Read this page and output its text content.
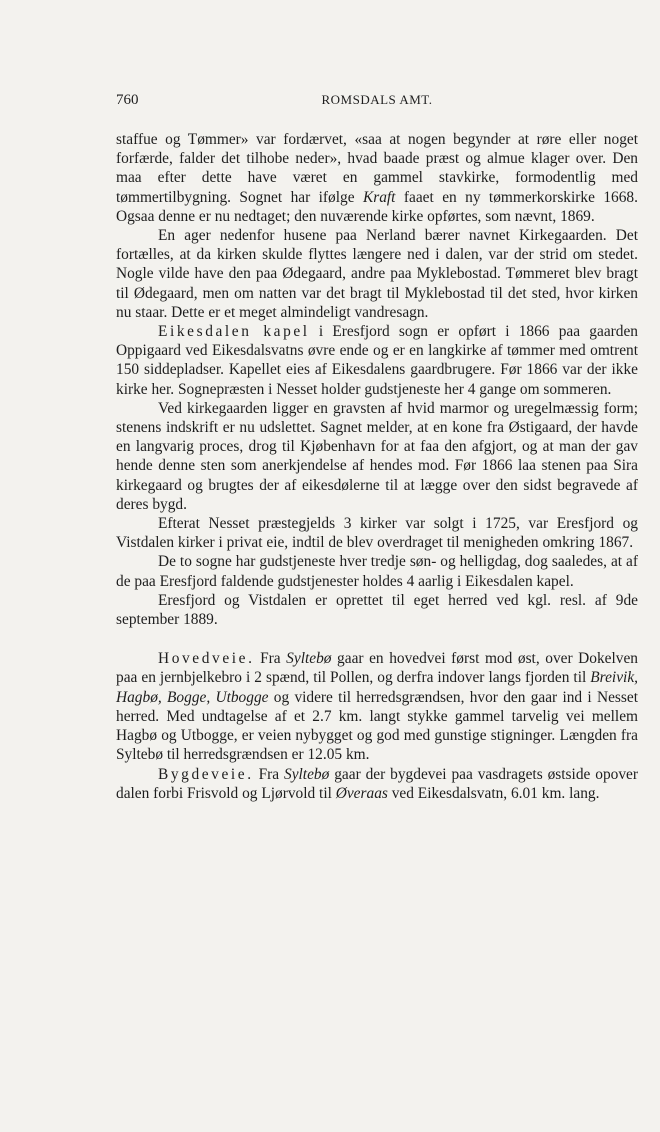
760	ROMSDALS AMT.

staffue og Tømmer» var fordærvet, «saa at nogen begynder at røre eller noget forfærde, falder det tilhobe neder», hvad baade præst og almue klager over. Den maa efter dette have været en gammel stavkirke, formodentlig med tømmertilbygning. Sognet har ifølge Kraft faaet en ny tømmerkorskirke 1668. Ogsaa denne er nu nedtaget; den nuværende kirke opførtes, som nævnt, 1869.

En ager nedenfor husene paa Nerland bærer navnet Kirkegaarden. Det fortælles, at da kirken skulde flyttes længere ned i dalen, var der strid om stedet. Nogle vilde have den paa Ødegaard, andre paa Myklebostad. Tømmeret blev bragt til Ødegaard, men om natten var det bragt til Myklebostad til det sted, hvor kirken nu staar. Dette er et meget almindeligt vandresagn.

Eikesdalen kapel i Eresfjord sogn er opført i 1866 paa gaarden Oppigaard ved Eikesdalsvatns øvre ende og er en langkirke af tømmer med omtrent 150 siddepladser. Kapellet eies af Eikesdalens gaardbrugere. Før 1866 var der ikke kirke her. Sognepræsten i Nesset holder gudstjeneste her 4 gange om sommeren.

Ved kirkegaarden ligger en gravsten af hvid marmor og uregelmæssig form; stenens indskrift er nu udslettet. Sagnet melder, at en kone fra Østigaard, der havde en langvarig proces, drog til Kjøbenhavn for at faa den afgjort, og at man der gav hende denne sten som anerkjendelse af hendes mod. Før 1866 laa stenen paa Sira kirkegaard og brugtes der af eikesdølerne til at lægge over den sidst begravede af deres bygd.

Efterat Nesset præstegjelds 3 kirker var solgt i 1725, var Eresfjord og Vistdalen kirker i privat eie, indtil de blev overdraget til menigheden omkring 1867.

De to sogne har gudstjeneste hver tredje søn- og helligdag, dog saaledes, at af de paa Eresfjord faldende gudstjenester holdes 4 aarlig i Eikesdalen kapel.

Eresfjord og Vistdalen er oprettet til eget herred ved kgl. resl. af 9de september 1889.

Hovedveie. Fra Syltebø gaar en hovedvei først mod øst, over Dokelven paa en jernbjelkebro i 2 spænd, til Pollen, og derfra indover langs fjorden til Breivik, Hagbø, Bogge, Utbogge og videre til herredsgrændsen, hvor den gaar ind i Nesset herred. Med undtagelse af et 2.7 km. langt stykke gammel tarvelig vei mellem Hagbø og Utbogge, er veien nybygget og god med gunstige stigninger. Længden fra Syltebø til herredsgrændsen er 12.05 km.

Bygdeveie. Fra Syltebø gaar der bygdevei paa vasdragets østside opover dalen forbi Frisvold og Ljørvold til Øveraas ved Eikesdalsvatn, 6.01 km. lang.
